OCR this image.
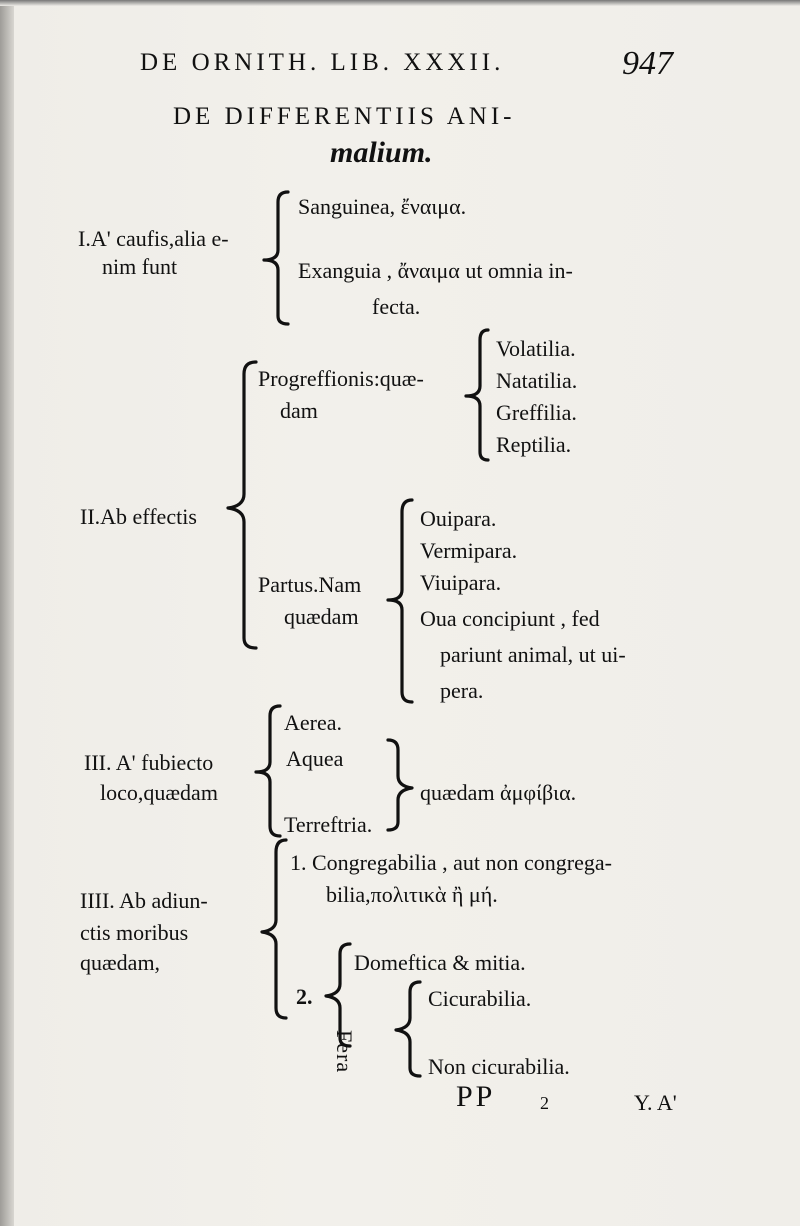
DE ORNITH. LIB. XXXII.	947
DE DIFFERENTIIS ANI-
malium.
I.A' caufis,alia e-
nim funt
Sanguinea, ἔναιμα.
Exanguia , ἄναιμα ut omnia in-
fecta.
II.Ab effectis
Progreffionis:quæ-
dam
Volatilia.
Natatilia.
Greffilia.
Reptilia.
Partus.Nam
quædam
Ouipara.
Vermipara.
Viuipara.
Oua concipiunt , fed
pariunt animal, ut ui-
pera.
III. A' fubiecto
loco,quædam
Aerea.
Aquea
Terreftria.
quædam ἀμφίβια.
IIII. Ab adiun-
ctis moribus
quædam,
1. Congregabilia , aut non congrega-
bilia,πολιτικὰ ἢ μή.
2.
Domeftica & mitia.
Fera
Cicurabilia.
Non cicurabilia.
PP 2	Y. A'
